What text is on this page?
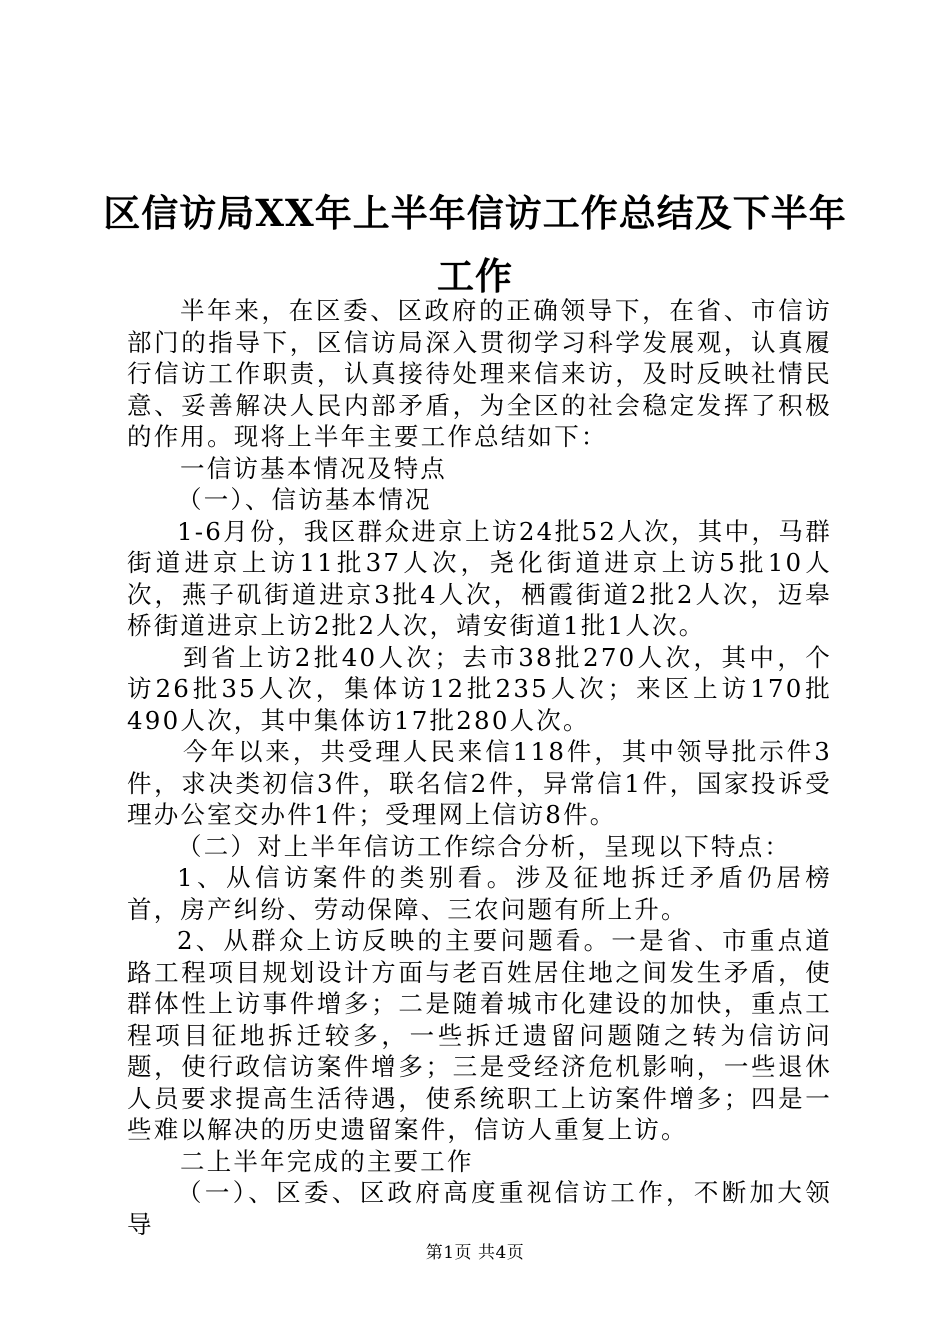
区信访局XX年上半年信访工作总结及下半年工作

半年来，在区委、区政府的正确领导下，在省、市信访部门的指导下，区信访局深入贯彻学习科学发展观，认真履行信访工作职责，认真接待处理来信来访，及时反映社情民意、妥善解决人民内部矛盾，为全区的社会稳定发挥了积极的作用。现将上半年主要工作总结如下：

一信访基本情况及特点

（一）、信访基本情况

1-6月份，我区群众进京上访24批52人次，其中，马群街道进京上访11批37人次，尧化街道进京上访5批10人次，燕子矶街道进京3批4人次，栖霞街道2批2人次，迈皋桥街道进京上访2批2人次，靖安街道1批1人次。

到省上访2批40人次；去市38批270人次，其中，个访26批35人次，集体访12批235人次；来区上访170批490人次，其中集体访17批280人次。

今年以来，共受理人民来信118件，其中领导批示件3件，求决类初信3件，联名信2件，异常信1件，国家投诉受理办公室交办件1件；受理网上信访8件。

（二）对上半年信访工作综合分析，呈现以下特点：

1、从信访案件的类别看。涉及征地拆迁矛盾仍居榜首，房产纠纷、劳动保障、三农问题有所上升。

2、从群众上访反映的主要问题看。一是省、市重点道路工程项目规划设计方面与老百姓居住地之间发生矛盾，使群体性上访事件增多；二是随着城市化建设的加快，重点工程项目征地拆迁较多，一些拆迁遗留问题随之转为信访问题，使行政信访案件增多；三是受经济危机影响，一些退休人员要求提高生活待遇，使系统职工上访案件增多；四是一些难以解决的历史遗留案件，信访人重复上访。

二上半年完成的主要工作

（一）、区委、区政府高度重视信访工作，不断加大领导

第1页 共4页
